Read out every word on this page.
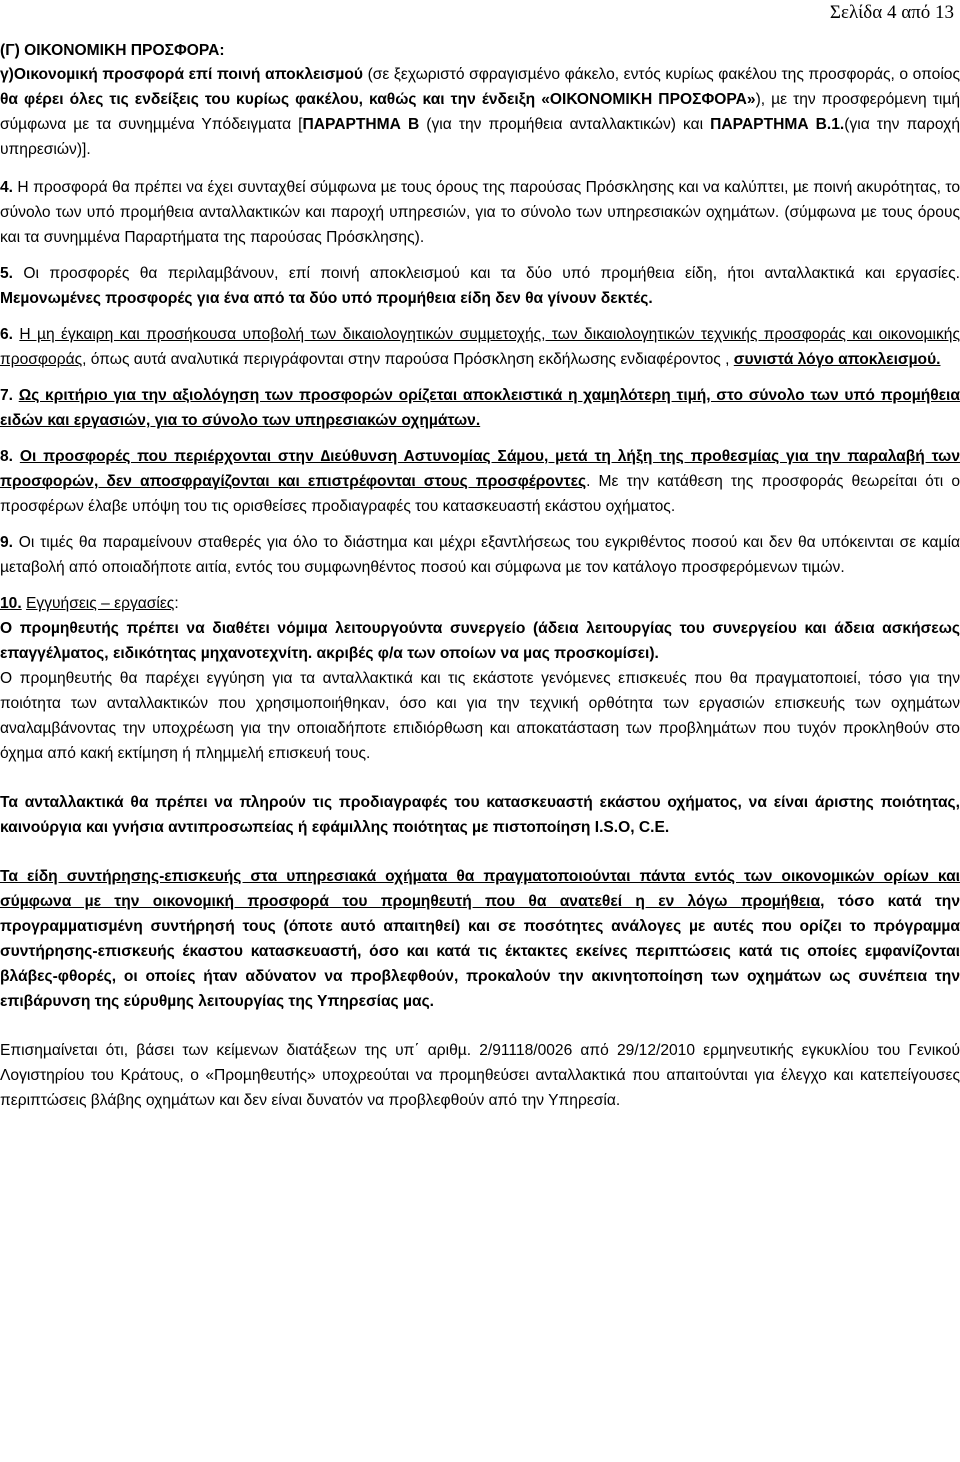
Σελίδα 4 από 13

(Γ) ΟΙΚΟΝΟΜΙΚΗ ΠΡΟΣΦΟΡΑ:

γ)Οικονοµική προσφορά επί ποινή αποκλεισµού (σε ξεχωριστό σφραγισµένο φάκελο, εντός κυρίως φακέλου της προσφοράς, ο οποίος θα φέρει όλες τις ενδείξεις του κυρίως φακέλου, καθώς και την ένδειξη «ΟΙΚΟΝΟΜΙΚΗ ΠΡΟΣΦΟΡΑ»), µε την προσφερόµενη τιµή σύµφωνα µε τα συνηµµένα Υπόδειγµατα [ΠΑΡΑΡΤΗΜΑ Β (για την προµήθεια ανταλλακτικών) και ΠΑΡΑΡΤΗΜΑ Β.1.(για την παροχή υπηρεσιών)].

4. Η προσφορά θα πρέπει να έχει συνταχθεί σύµφωνα µε τους όρους της παρούσας Πρόσκλησης και να καλύπτει, µε ποινή ακυρότητας, το σύνολο των υπό προµήθεια ανταλλακτικών και παροχή υπηρεσιών, για το σύνολο των υπηρεσιακών οχηµάτων. (σύµφωνα µε τους όρους και τα συνηµµένα Παραρτήµατα της παρούσας Πρόσκλησης).

5. Οι προσφορές θα περιλαµβάνουν, επί ποινή αποκλεισµού και τα δύο υπό προµήθεια είδη, ήτοι ανταλλακτικά και εργασίες. Μεµονωµένες προσφορές για ένα από τα δύο υπό προµήθεια είδη δεν θα γίνουν δεκτές.

6. Η µη έγκαιρη και προσήκουσα υποβολή των δικαιολογητικών συµµετοχής, των δικαιολογητικών τεχνικής προσφοράς και οικονοµικής προσφοράς, όπως αυτά αναλυτικά περιγράφονται στην παρούσα Πρόσκληση εκδήλωσης ενδιαφέροντος , συνιστά λόγο αποκλεισµού.

7. Ως κριτήριο για την αξιολόγηση των προσφορών ορίζεται αποκλειστικά η χαµηλότερη τιµή, στο σύνολο των υπό προµήθεια ειδών και εργασιών, για το σύνολο των υπηρεσιακών οχηµάτων.

8. Οι προσφορές που περιέρχονται στην ∆ιεύθυνση Αστυνοµίας Σάµου, µετά τη λήξη της προθεσµίας για την παραλαβή των προσφορών, δεν αποσφραγίζονται και επιστρέφονται στους προσφέροντες. Με την κατάθεση της προσφοράς θεωρείται ότι ο προσφέρων έλαβε υπόψη του τις ορισθείσες προδιαγραφές του κατασκευαστή εκάστου οχήµατος.

9. Οι τιµές θα παραµείνουν σταθερές για όλο το διάστηµα και µέχρι εξαντλήσεως του εγκριθέντος ποσού και δεν θα υπόκεινται σε καµία µεταβολή από οποιαδήποτε αιτία, εντός του συµφωνηθέντος ποσού και σύµφωνα µε τον κατάλογο προσφερόµενων τιµών.

10. Εγγυήσεις – εργασίες:

Ο προµηθευτής πρέπει να διαθέτει νόµιµα λειτουργούντα συνεργείο (άδεια λειτουργίας του συνεργείου και άδεια ασκήσεως επαγγέλµατος, ειδικότητας µηχανοτεχνίτη. ακριβές φ/α των οποίων να µας προσκοµίσει).

Ο προµηθευτής θα παρέχει εγγύηση για τα ανταλλακτικά και τις εκάστοτε γενόµενες επισκευές που θα πραγµατοποιεί, τόσο για την ποιότητα των ανταλλακτικών που χρησιµοποιήθηκαν, όσο και για την τεχνική ορθότητα των εργασιών επισκευής των οχηµάτων αναλαµβάνοντας την υποχρέωση για την οποιαδήποτε επιδιόρθωση και αποκατάσταση των προβληµάτων που τυχόν προκληθούν στο όχηµα από κακή εκτίµηση ή πληµµελή επισκευή τους.

Τα ανταλλακτικά θα πρέπει να πληρούν τις προδιαγραφές του κατασκευαστή εκάστου οχήµατος, να είναι άριστης ποιότητας, καινούργια και γνήσια αντιπροσωπείας ή εφάµιλλης ποιότητας µε πιστοποίηση I.S.O, C.E.

Τα είδη συντήρησης-επισκευής στα υπηρεσιακά οχήµατα θα πραγµατοποιούνται πάντα εντός των οικονοµικών ορίων και σύµφωνα µε την οικονοµική προσφορά του προµηθευτή που θα ανατεθεί η εν λόγω προµήθεια, τόσο κατά την προγραµµατισµένη συντήρησή τους (όποτε αυτό απαιτηθεί) και σε ποσότητες ανάλογες µε αυτές που ορίζει το πρόγραµµα συντήρησης-επισκευής έκαστου κατασκευαστή, όσο και κατά τις έκτακτες εκείνες περιπτώσεις κατά τις οποίες εµφανίζονται βλάβες-φθορές, οι οποίες ήταν αδύνατον να προβλεφθούν, προκαλούν την ακινητοποίηση των οχηµάτων ως συνέπεια την επιβάρυνση της εύρυθµης λειτουργίας της Υπηρεσίας µας.

Επισηµαίνεται ότι, βάσει των κείµενων διατάξεων της υπ΄ αριθµ. 2/91118/0026 από 29/12/2010 ερµηνευτικής εγκυκλίου του Γενικού Λογιστηρίου του Κράτους, ο «Προµηθευτής» υποχρεούται να προµηθεύσει ανταλλακτικά που απαιτούνται για έλεγχο και κατεπείγουσες περιπτώσεις βλάβης οχηµάτων και δεν είναι δυνατόν να προβλεφθούν από την Υπηρεσία.
